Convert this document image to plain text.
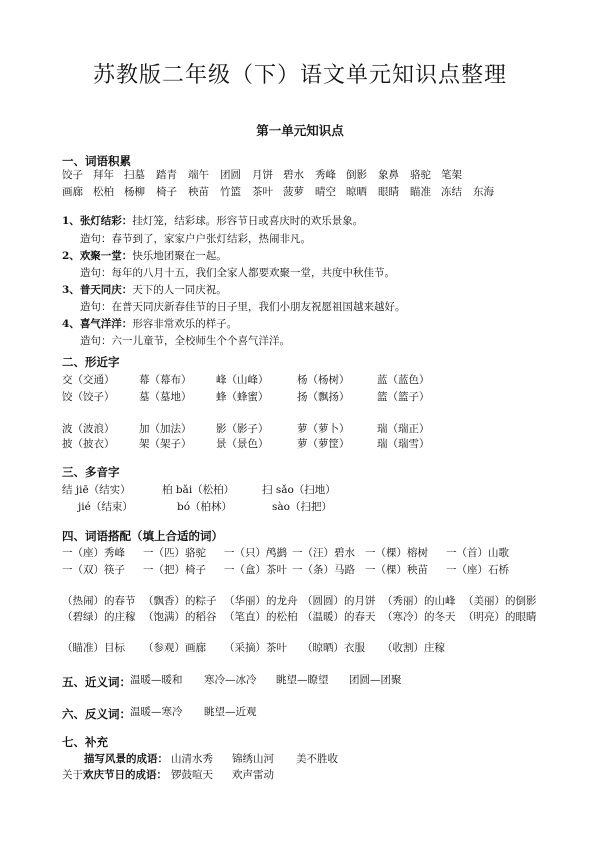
苏教版二年级（下）语文单元知识点整理
第一单元知识点
一、词语积累
饺子 拜年 扫墓 踏青 端午 团圆 月饼 碧水 秀峰 倒影 象鼻 骆驼 笔架
画廊 松柏 杨柳 椅子 秧苗 竹篮 茶叶 菠萝 晴空 晾晒 眼睛 瞄准 冻结 东海
1、张灯结彩：挂灯笼，结彩球。形容节日或喜庆时的欢乐景象。
造句：春节到了，家家户户张灯结彩，热闹非凡。
2、欢聚一堂：快乐地团聚在一起。
造句：每年的八月十五，我们全家人都要欢聚一堂，共度中秋佳节。
3、普天同庆：天下的人一同庆祝。
造句：在普天同庆新春佳节的日子里，我们小朋友祝愿祖国越来越好。
4、喜气洋洋：形容非常欢乐的样子。
造句：六一儿童节，全校师生个个喜气洋洋。
二、形近字
交（交通） 幕（幕布） 峰（山峰）	杨（杨树）	蓝（蓝色）
饺（饺子） 墓（墓地） 蜂（蜂蜜）	扬（飘扬）	篮（篮子）
波（波浪） 加（加法） 影（影子）	萝（萝卜）	瑞（瑞正）
披（披衣） 架（架子） 景（景色）	萝（萝筐）	瑞（瑞雪）
三、多音字
结 jiē（结实）	柏 bǎi（松柏）	扫 sǎo（扫地）
jié（结束）	bó（柏林）	sào（扫把）
四、词语搭配（填上合适的词）
一（座）秀峰 一（匹）骆驼 一（只）鸬鹚 一（汪）碧水 一（棵）榕树 一（首）山歌
一（双）筷子 一（把）椅子 一（盒）茶叶 一（条）马路 一（棵）秧苗 一（座）石桥
（热闹）的春节 （飘香）的粽子 （华丽）的龙舟 （圆圆）的月饼 （秀丽）的山峰 （美丽）的倒影
（碧绿）的庄稼 （饱满）的稻谷 （笔直）的松柏 （温暖）的春天 （寒冷）的冬天 （明亮）的眼睛
（瞄准）目标 （参观）画廊 （采摘）茶叶 （晾晒）衣服 （收割）庄稼
五、近义词： 温暖—暖和 寒冷—冰冷 眺望—瞭望 团圆—团聚
六、反义词： 温暖—寒冷 眺望—近观
七、补充
描写风景的成语： 山清水秀 锦绣山河 美不胜收
关于欢庆节日的成语： 锣鼓喧天 欢声雷动
